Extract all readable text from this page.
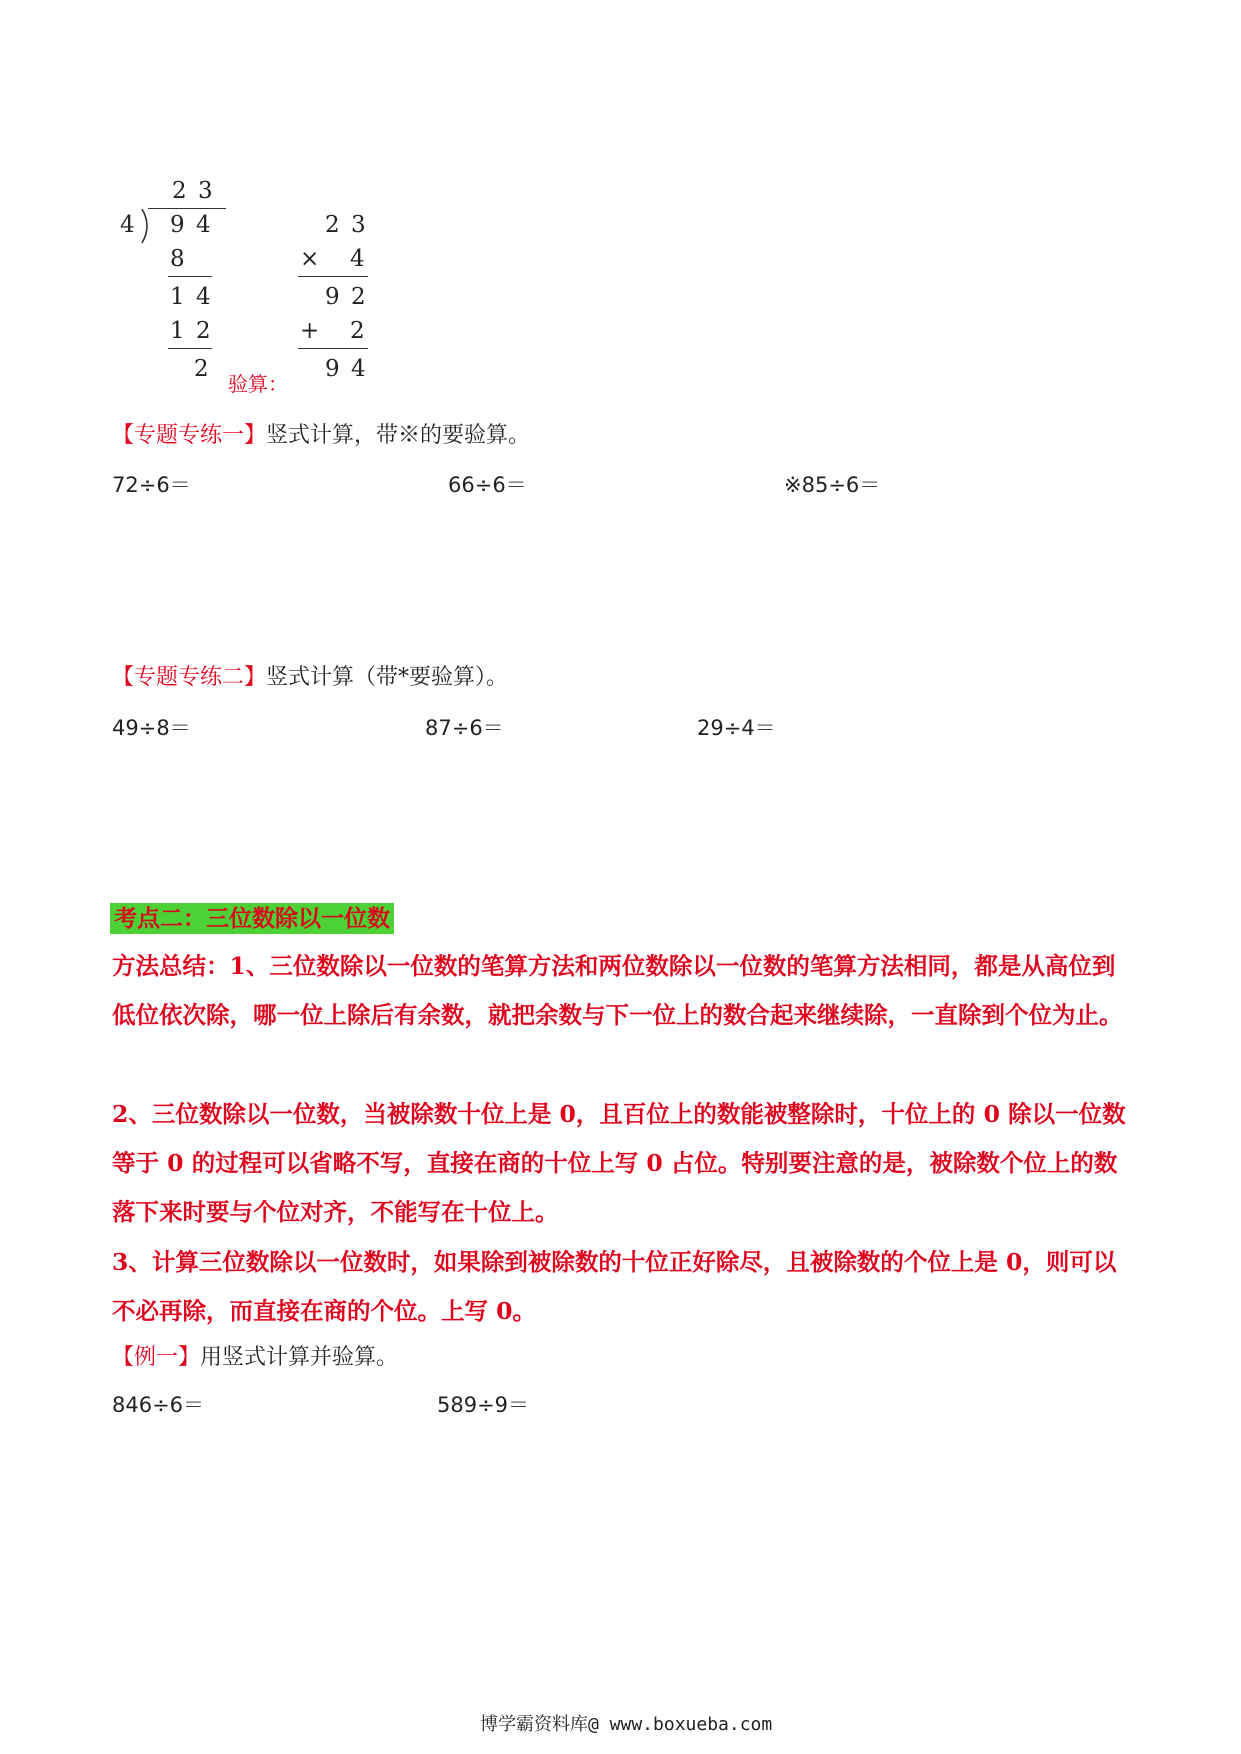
2 3
4 9 4
8
1 4
1 2
2
验算：
2 3
× 4
9 2
+ 2
9 4
【专题专练一】竖式计算，带※的要验算。
72÷6＝	66÷6＝	※85÷6＝
【专题专练二】竖式计算（带*要验算）。
49÷8＝	87÷6＝	29÷4＝
考点二：三位数除以一位数
方法总结：1、三位数除以一位数的笔算方法和两位数除以一位数的笔算方法相同，都是从高位到低位依次除，哪一位上除后有余数，就把余数与下一位上的数合起来继续除，一直除到个位为止。
2、三位数除以一位数，当被除数十位上是 0，且百位上的数能被整除时，十位上的 0 除以一位数等于 0 的过程可以省略不写，直接在商的十位上写 0 占位。特别要注意的是，被除数个位上的数落下来时要与个位对齐，不能写在十位上。
3、计算三位数除以一位数时，如果除到被除数的十位正好除尽，且被除数的个位上是 0，则可以不必再除，而直接在商的个位。上写 0。
【例一】用竖式计算并验算。
846÷6＝	589÷9＝
博学霸资料库@ www.boxueba.com
